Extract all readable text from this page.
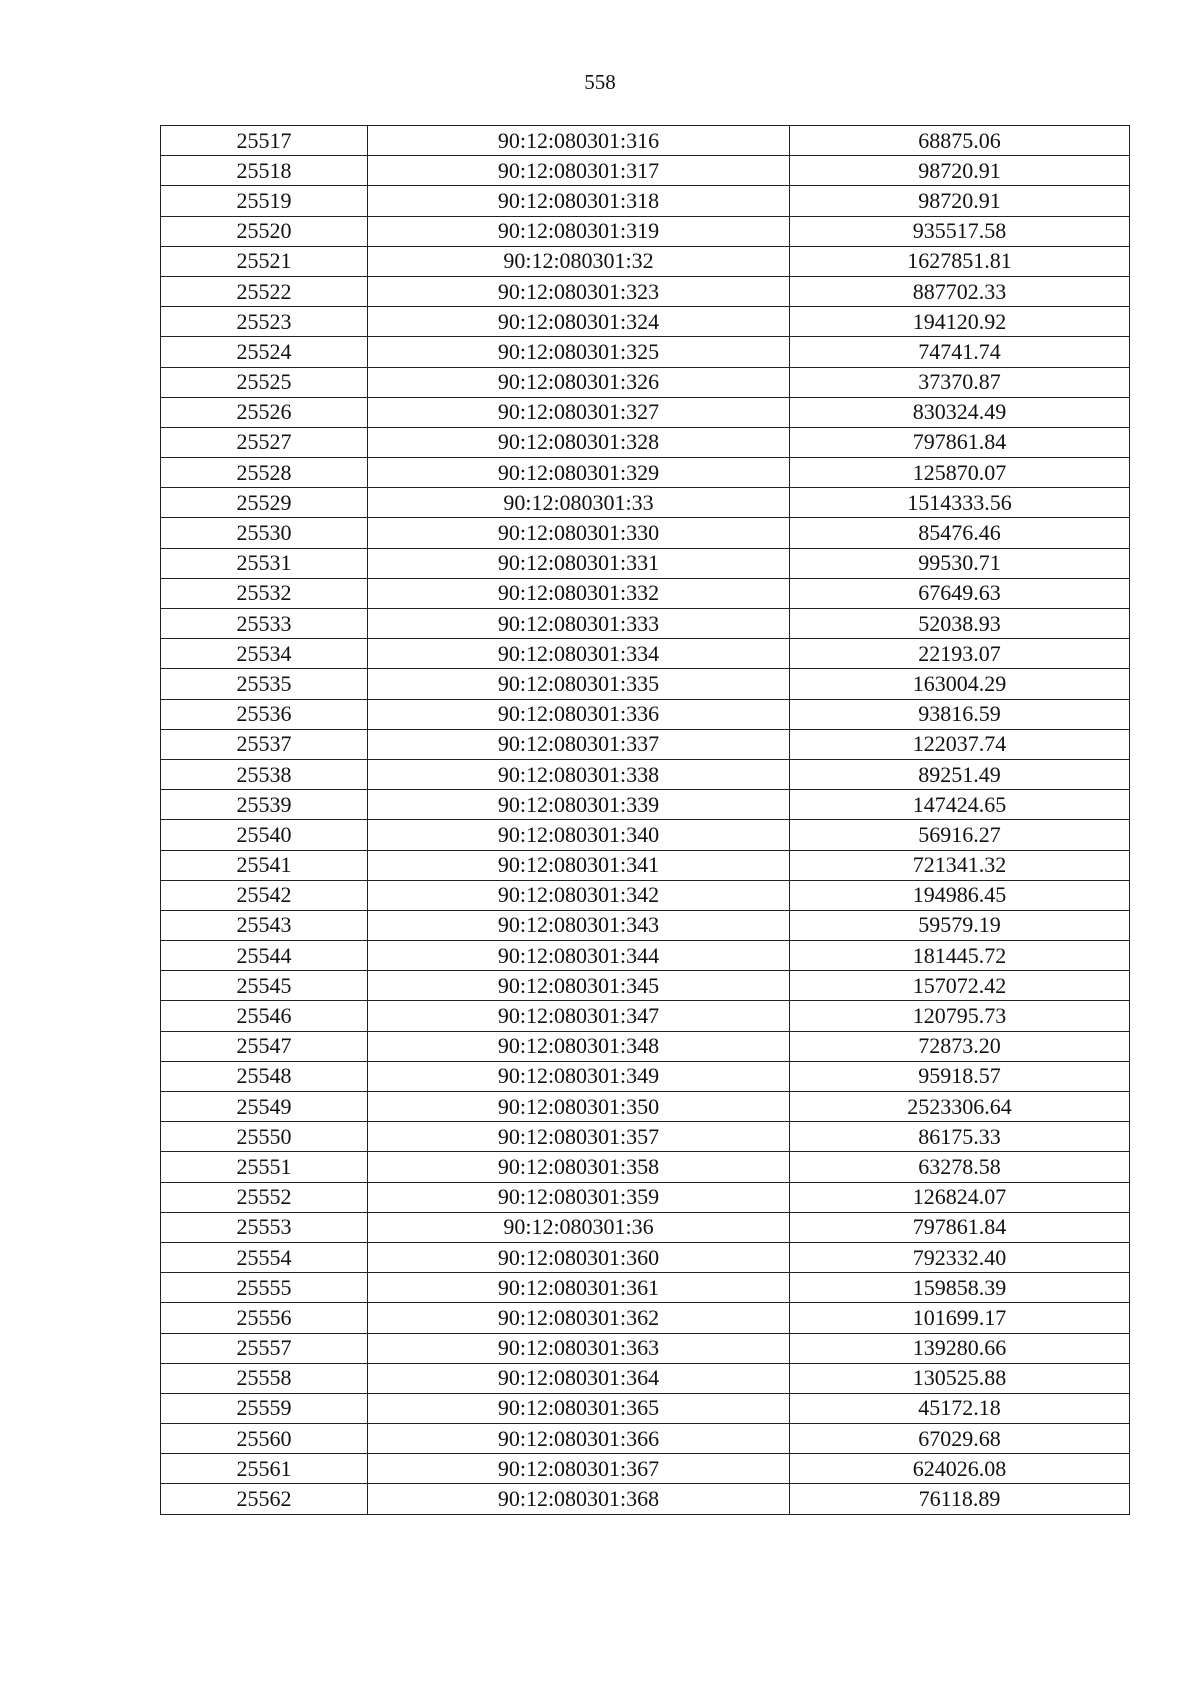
558
25517	90:12:080301:316	68875.06
25518	90:12:080301:317	98720.91
25519	90:12:080301:318	98720.91
25520	90:12:080301:319	935517.58
25521	90:12:080301:32	1627851.81
25522	90:12:080301:323	887702.33
25523	90:12:080301:324	194120.92
25524	90:12:080301:325	74741.74
25525	90:12:080301:326	37370.87
25526	90:12:080301:327	830324.49
25527	90:12:080301:328	797861.84
25528	90:12:080301:329	125870.07
25529	90:12:080301:33	1514333.56
25530	90:12:080301:330	85476.46
25531	90:12:080301:331	99530.71
25532	90:12:080301:332	67649.63
25533	90:12:080301:333	52038.93
25534	90:12:080301:334	22193.07
25535	90:12:080301:335	163004.29
25536	90:12:080301:336	93816.59
25537	90:12:080301:337	122037.74
25538	90:12:080301:338	89251.49
25539	90:12:080301:339	147424.65
25540	90:12:080301:340	56916.27
25541	90:12:080301:341	721341.32
25542	90:12:080301:342	194986.45
25543	90:12:080301:343	59579.19
25544	90:12:080301:344	181445.72
25545	90:12:080301:345	157072.42
25546	90:12:080301:347	120795.73
25547	90:12:080301:348	72873.20
25548	90:12:080301:349	95918.57
25549	90:12:080301:350	2523306.64
25550	90:12:080301:357	86175.33
25551	90:12:080301:358	63278.58
25552	90:12:080301:359	126824.07
25553	90:12:080301:36	797861.84
25554	90:12:080301:360	792332.40
25555	90:12:080301:361	159858.39
25556	90:12:080301:362	101699.17
25557	90:12:080301:363	139280.66
25558	90:12:080301:364	130525.88
25559	90:12:080301:365	45172.18
25560	90:12:080301:366	67029.68
25561	90:12:080301:367	624026.08
25562	90:12:080301:368	76118.89
